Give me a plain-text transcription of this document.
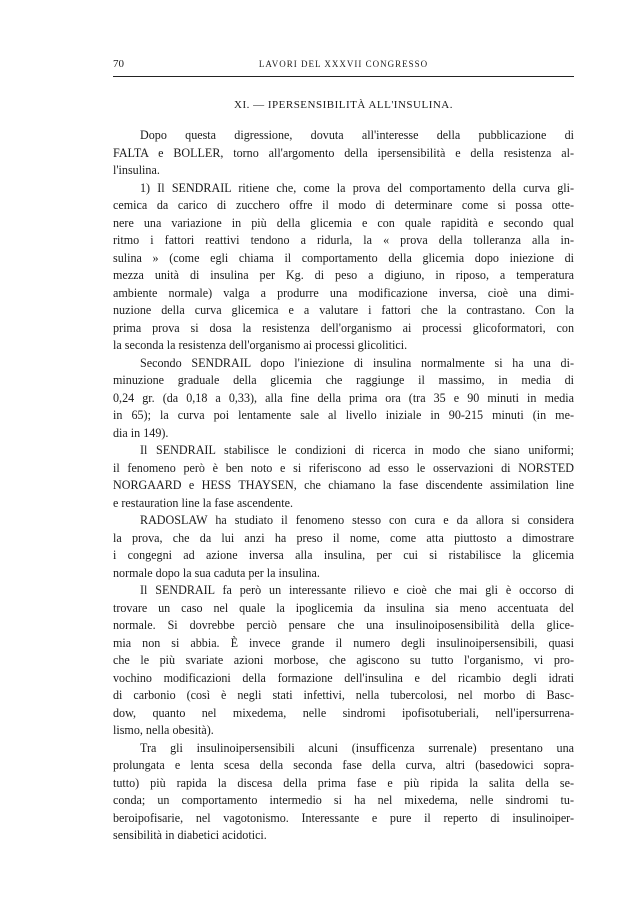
70	LAVORI DEL XXXVII CONGRESSO
XI. — IPERSENSIBILITÀ ALL'INSULINA.
Dopo questa digressione, dovuta all'interesse della pubblicazione di
FALTA e BOLLER, torno all'argomento della ipersensibilità e della resistenza al-
l'insulina.
1) Il SENDRAIL ritiene che, come la prova del comportamento della curva gli-
cemica da carico di zucchero offre il modo di determinare come si possa otte-
nere una variazione in più della glicemia e con quale rapidità e secondo qual
ritmo i fattori reattivi tendono a ridurla, la « prova della tolleranza alla in-
sulina » (come egli chiama il comportamento della glicemia dopo iniezione di
mezza unità di insulina per Kg. di peso a digiuno, in riposo, a temperatura
ambiente normale) valga a produrre una modificazione inversa, cioè una dimi-
nuzione della curva glicemica e a valutare i fattori che la contrastano. Con la
prima prova si dosa la resistenza dell'organismo ai processi glicoformatori, con
la seconda la resistenza dell'organismo ai processi glicolitici.
Secondo SENDRAIL dopo l'iniezione di insulina normalmente si ha una di-
minuzione graduale della glicemia che raggiunge il massimo, in media di
0,24 gr. (da 0,18 a 0,33), alla fine della prima ora (tra 35 e 90 minuti in media
in 65); la curva poi lentamente sale al livello iniziale in 90-215 minuti (in me-
dia in 149).
Il SENDRAIL stabilisce le condizioni di ricerca in modo che siano uniformi;
il fenomeno però è ben noto e si riferiscono ad esso le osservazioni di NORSTED
NORGAARD e HESS THAYSEN, che chiamano la fase discendente assimilation line
e restauration line la fase ascendente.
RADOSLAW ha studiato il fenomeno stesso con cura e da allora si considera
la prova, che da lui anzi ha preso il nome, come atta piuttosto a dimostrare
i congegni ad azione inversa alla insulina, per cui si ristabilisce la glicemia
normale dopo la sua caduta per la insulina.
Il SENDRAIL fa però un interessante rilievo e cioè che mai gli è occorso di
trovare un caso nel quale la ipoglicemia da insulina sia meno accentuata del
normale. Si dovrebbe perciò pensare che una insulinoiposensibilità della glice-
mia non si abbia. È invece grande il numero degli insulinoipersensibili, quasi
che le più svariate azioni morbose, che agiscono su tutto l'organismo, vi pro-
vochino modificazioni della formazione dell'insulina e del ricambio degli idrati
di carbonio (così è negli stati infettivi, nella tubercolosi, nel morbo di Basc-
dow, quanto nel mixedema, nelle sindromi ipofisotuberiali, nell'ipersurrena-
lismo, nella obesità).
Tra gli insulinoipersensibili alcuni (insufficenza surrenale) presentano una
prolungata e lenta scesa della seconda fase della curva, altri (basedowici sopra-
tutto) più rapida la discesa della prima fase e più ripida la salita della se-
conda; un comportamento intermedio si ha nel mixedema, nelle sindromi tu-
beroipofisarie, nel vagotonismo. Interessante e pure il reperto di insulinoiper-
sensibilità in diabetici acidotici.
